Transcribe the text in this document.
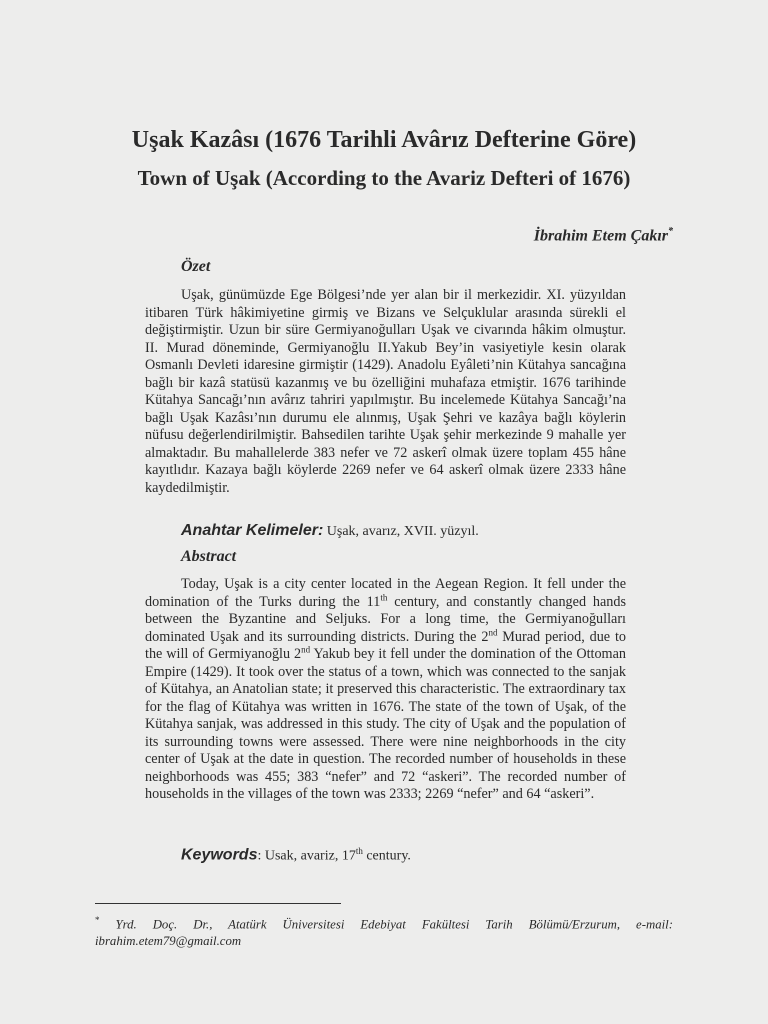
Uşak Kazâsı (1676 Tarihli Avârız Defterine Göre)
Town of Uşak (According to the Avariz Defteri of 1676)
İbrahim Etem Çakır*
Özet

Uşak, günümüzde Ege Bölgesi’nde yer alan bir il merkezidir. XI. yüzyıldan itibaren Türk hâkimiyetine girmiş ve Bizans ve Selçuklular arasında sürekli el değiştirmiştir. Uzun bir süre Germiyanoğulları Uşak ve civarında hâkim olmuştur. II. Murad döneminde, Germiyanoğlu II.Yakub Bey’in vasiyetiyle kesin olarak Osmanlı Devleti idaresine girmiştir (1429). Anadolu Eyâleti’nin Kütahya sancağına bağlı bir kazâ statüsü kazanmış ve bu özelliğini muhafaza etmiştir. 1676 tarihinde Kütahya Sancağı’nın avârız tahriri yapılmıştır. Bu incelemede Kütahya Sancağı’na bağlı Uşak Kazâsı’nın durumu ele alınmış, Uşak Şehri ve kazâya bağlı köylerin nüfusu değerlendirilmiştir. Bahsedilen tarihte Uşak şehir merkezinde 9 mahalle yer almaktadır. Bu mahallelerde 383 nefer ve 72 askerî olmak üzere toplam 455 hâne kayıtlıdır. Kazaya bağlı köylerde 2269 nefer ve 64 askerî olmak üzere 2333 hâne kaydedilmiştir.

Anahtar Kelimeler: Uşak, avarız, XVII. yüzyıl.
Abstract

Today, Uşak is a city center located in the Aegean Region. It fell under the domination of the Turks during the 11th century, and constantly changed hands between the Byzantine and Seljuks. For a long time, the Germiyanoğulları dominated Uşak and its surrounding districts. During the 2nd Murad period, due to the will of Germiyanoğlu 2nd Yakub bey it fell under the domination of the Ottoman Empire (1429). It took over the status of a town, which was connected to the sanjak of Kütahya, an Anatolian state; it preserved this characteristic. The extraordinary tax for the flag of Kütahya was written in 1676. The state of the town of Uşak, of the Kütahya sanjak, was addressed in this study. The city of Uşak and the population of its surrounding towns were assessed. There were nine neighborhoods in the city center of Uşak at the date in question. The recorded number of households in these neighborhoods was 455; 383 “nefer” and 72 “askeri”. The recorded number of households in the villages of the town was 2333; 2269 “nefer” and 64 “askeri”.

Keywords: Usak, avariz, 17th century.

* Yrd. Doç. Dr., Atatürk Üniversitesi Edebiyat Fakültesi Tarih Bölümü/Erzurum, e-mail: ibrahim.etem79@gmail.com
